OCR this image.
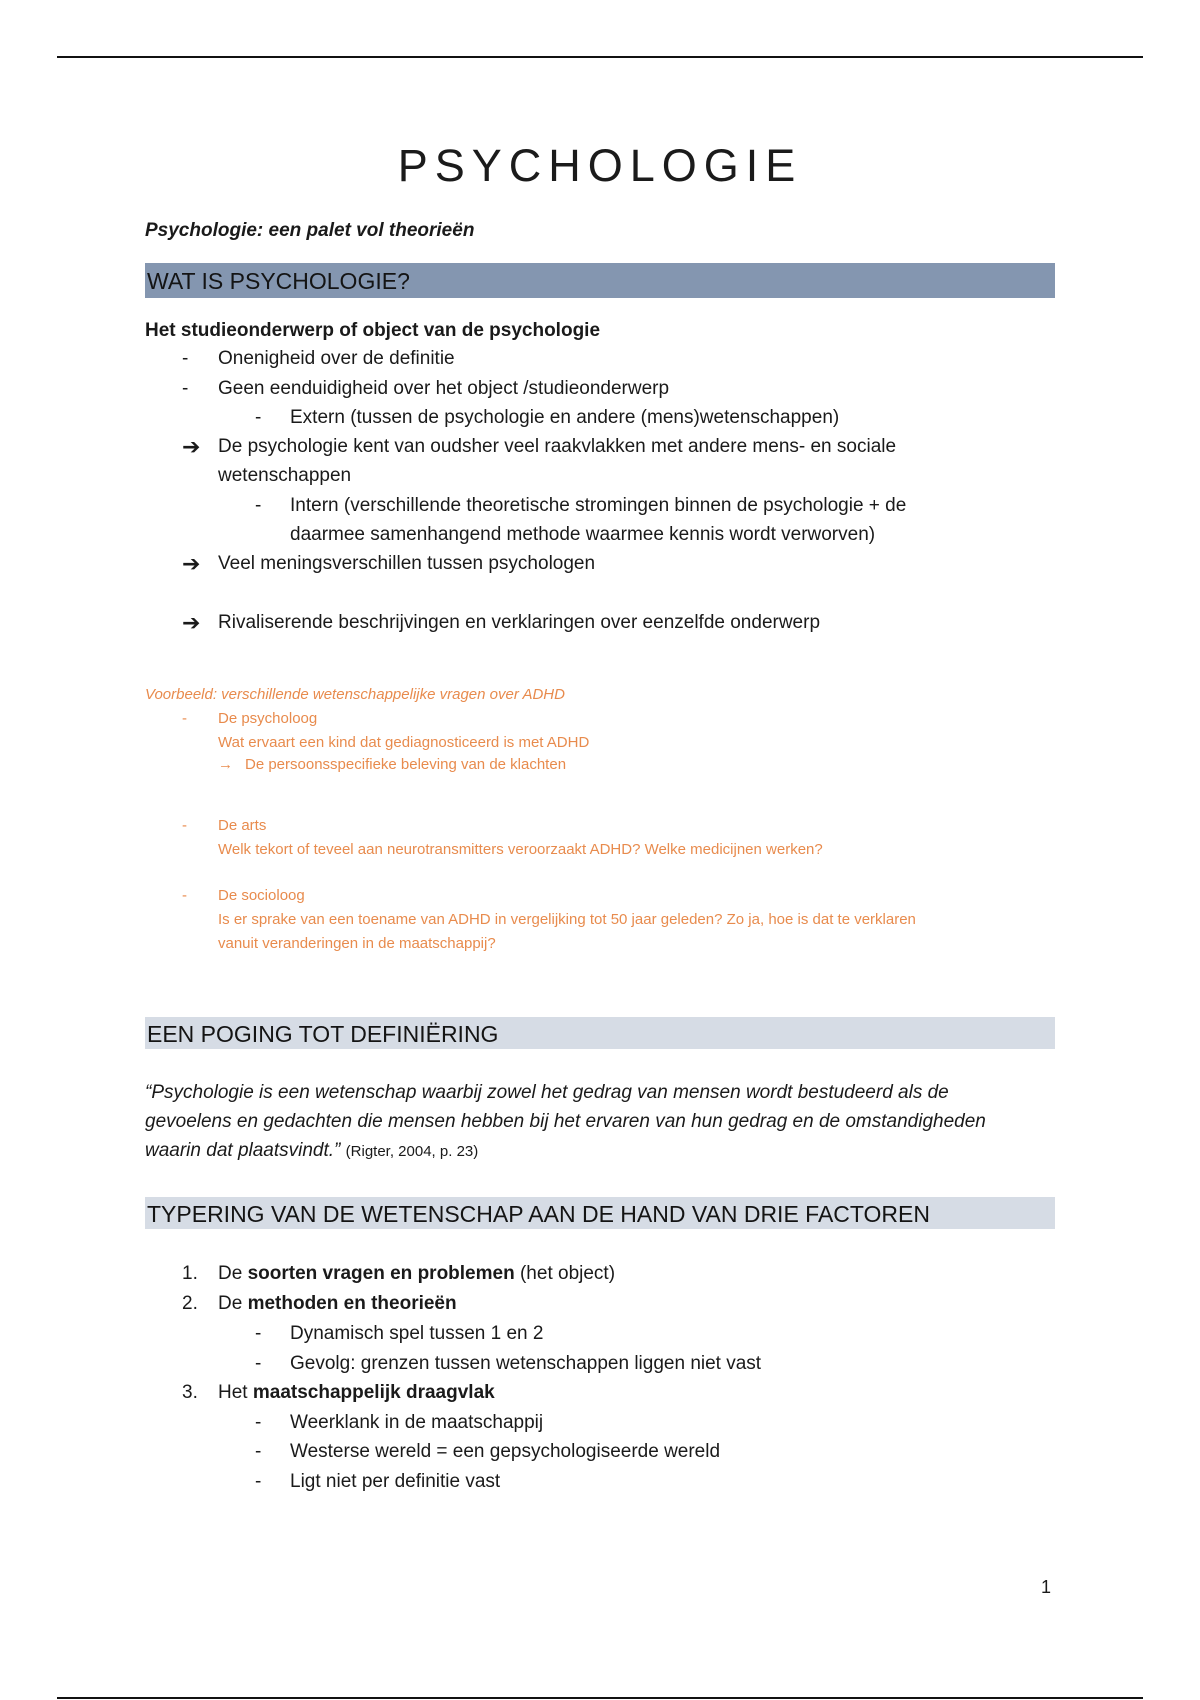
PSYCHOLOGIE
Psychologie: een palet vol theorieën
WAT IS PSYCHOLOGIE?
Het studieonderwerp of object van de psychologie
- Onenigheid over de definitie
- Geen eenduidigheid over het object /studieonderwerp
- Extern (tussen de psychologie en andere (mens)wetenschappen)
➔ De psychologie kent van oudsher veel raakvlakken met andere mens- en sociale
wetenschappen
- Intern (verschillende theoretische stromingen binnen de psychologie + de
daarmee samenhangend methode waarmee kennis wordt verworven)
➔ Veel meningsverschillen tussen psychologen
➔ Rivaliserende beschrijvingen en verklaringen over eenzelfde onderwerp
Voorbeeld: verschillende wetenschappelijke vragen over ADHD
- De psycholoog
Wat ervaart een kind dat gediagnosticeerd is met ADHD
→ De persoonsspecifieke beleving van de klachten
- De arts
Welk tekort of teveel aan neurotransmitters veroorzaakt ADHD? Welke medicijnen werken?
- De socioloog
Is er sprake van een toename van ADHD in vergelijking tot 50 jaar geleden? Zo ja, hoe is dat te verklaren
vanuit veranderingen in de maatschappij?
EEN POGING TOT DEFINIËRING
“Psychologie is een wetenschap waarbij zowel het gedrag van mensen wordt bestudeerd als de
gevoelens en gedachten die mensen hebben bij het ervaren van hun gedrag en de omstandigheden
waarin dat plaatsvindt.” (Rigter, 2004, p. 23)
TYPERING VAN DE WETENSCHAP AAN DE HAND VAN DRIE FACTOREN
1. De soorten vragen en problemen (het object)
2. De methoden en theorieën
- Dynamisch spel tussen 1 en 2
- Gevolg: grenzen tussen wetenschappen liggen niet vast
3. Het maatschappelijk draagvlak
- Weerklank in de maatschappij
- Westerse wereld = een gepsychologiseerde wereld
- Ligt niet per definitie vast
1
